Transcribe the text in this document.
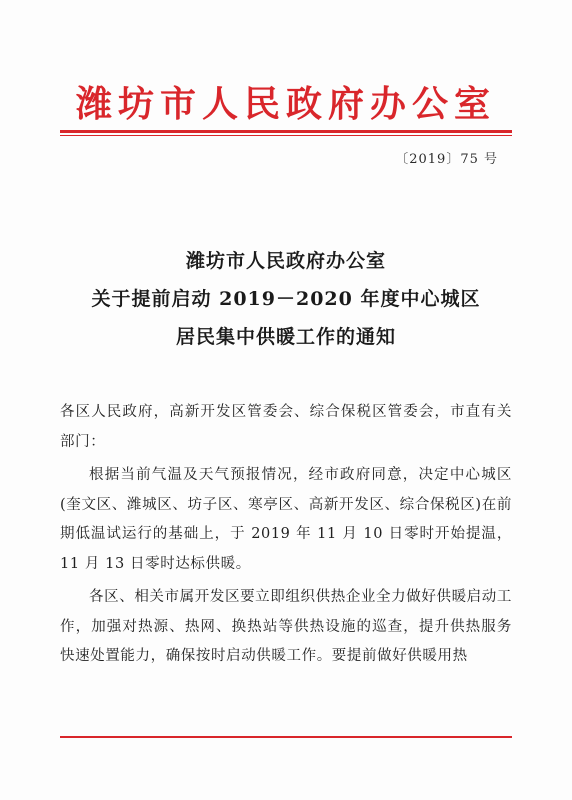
潍坊市人民政府办公室
〔2019〕75 号
潍坊市人民政府办公室
关于提前启动 2019－2020 年度中心城区
居民集中供暖工作的通知

各区人民政府，高新开发区管委会、综合保税区管委会，市直有关部门：

根据当前气温及天气预报情况，经市政府同意，决定中心城区(奎文区、潍城区、坊子区、寒亭区、高新开发区、综合保税区)在前期低温试运行的基础上，于 2019 年 11 月 10 日零时开始提温，11 月 13 日零时达标供暖。

各区、相关市属开发区要立即组织供热企业全力做好供暖启动工作，加强对热源、热网、换热站等供热设施的巡查，提升供热服务快速处置能力，确保按时启动供暖工作。要提前做好供暖用热
